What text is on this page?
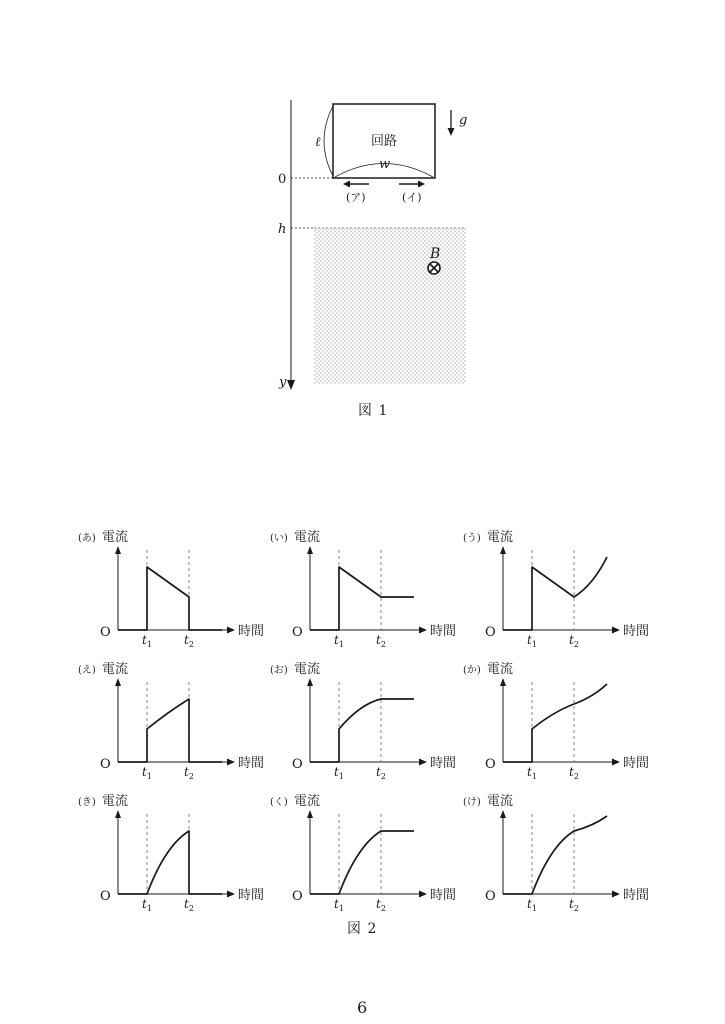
y
0
h
B
回路
ℓ
w
g
(ア)	(イ)
図 1
(あ) 電流
時間
O	$t_1$	$t_2$
(い) 電流
時間
O	$t_1$	$t_2$
(う) 電流
時間
O	$t_1$	$t_2$
(え) 電流
時間
O	$t_1$	$t_2$
(お) 電流
時間
O	$t_1$	$t_2$
(か) 電流
時間
O	$t_1$	$t_2$
(き) 電流
時間
O	$t_1$	$t_2$
(く) 電流
時間
O	$t_1$	$t_2$
(け) 電流
時間
O	$t_1$	$t_2$
図 2
6
